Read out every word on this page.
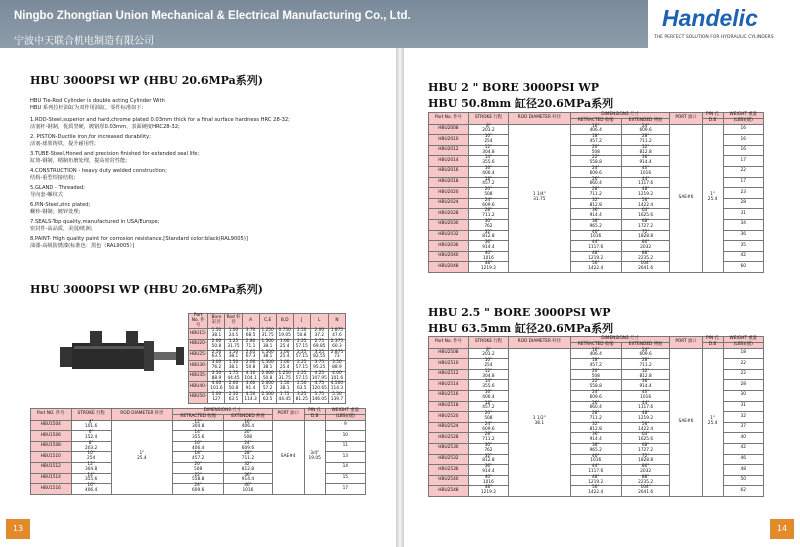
Ningbo Zhongtian Union Mechanical & Electrical Manufacturing Co., Ltd.
宁波中天联合机电制造有限公司
Handelic
THE PERFECT SOLUTION FOR HYDRAULIC CYLINDERS
HBU 3000PSI WP (HBU 20.6MPa系列)

HBU Tie-Rod Cylinder is double acting Cylinder With

HBU 系列拉杆油缸为双作用油缸，零件标准如下：

1.ROD-Steel,superior and hard,chrome plated 0.03mm thick for a final surface hardness HRC 28-32;

活塞杆-钢制，优质坚硬，镀铬厚0.03mm，表面硬度HRC28-32;

2. PISTON-Ductile iron,for increased durability;

活塞-球墨铸铁，提升耐用性;

3.TUBE-Steel,Honed and precision finished for extended seal life;

缸筒-钢制，精制珩磨处理，提高密封性能;

4.CONSTRUCTION - heavy duty welded construction;

结构-重型焊接结构;

5.GLAND - Threaded;

导向套-螺纹式

6.PIN-Steel,zinc plated;

螺栓-钢制；镀锌处理;

7.SEALS-Top quality,manufactured in USA/Europe;

密封件-高品质，美国/欧洲;

8.PAINT- High quality paint for corrosion resistance.[Standard color:black(RAL9005)]

油漆-高级防锈漆(标准色：黑色（RAL9005）]

HBU 3000PSI WP (HBU 20.6MPa系列)
Part No. 件号	Bore 缸径	Rod 杆径	A	C,E	B,D	J	L	N
HBU15-	1.50
38.1	1.00
24.5	3.70
68.5	1.250
31.75	0.750
19.05	2.50
50.8	2.00
37.2	1.875
47.6
HBU20-	2.00
50.8	1.25
31.75	2.80
71.1	1.500
38.1	1.00
25.4	2.25
57.15	2.75
69.85	2.375
60.3
HBU25-	2.50
63.5	1.50
38.1	2.65
67.3	1.500
38.1	1.00
25.4	2.25
57.15	3.25
82.55	2.875
73
HBU30-	3.00
76.2	1.50
38.1	2.00
50.8	1.500
38.1	1.00
25.4	2.25
57.15	3.75
95.25	3.50
88.9
HBU35-	3.50
88.9	1.75
44.45	4.10
104.1	2.000
50.8	1.250
31.75	2.25
57.15	4.25
107.95	4.00
101.6
HBU40-	4.00
101.6	2.00
50.8	3.60
91.4	2.000
57.2	1.50
38.1	2.50
63.5	4.75
120.65	4.500
114.3
HBU50-	5.00
127	2.50
63.5	4.50
114.3	2.500
63.5	1.75
44.45	3.25
81.25	5.75
146.05	5.50
139.7
Part NO. 件号	STROKE 行程	ROD DIAMETER 杆径	DIMENSIONS 尺寸		PORT 油口	PIN 孔	WEIGHT 重量
			RETRACTED 收缩	EXTENDED 伸展		D.B	(LBS)(磅)
HBU1504	4"
101.6	1"
25.4	12"
304.8	16"
406.4	SAE#4	3/4"
19.05	9
HBU1506	6"
152.4		14"
355.6	20"
508			10
HBU1508	8"
203.2		16"
406.4	24"
609.6			11
HBU1510	10"
254		18"
457.2	28"
711.2			13
HBU1512	12"
304.8		20"
508	32"
812.8			14
HBU1514	14"
355.6		22"
558.8	36"
914.4			15
HBU1516	16"
406.4		24"
609.6	40"
1016			17
HBU 2 " BORE 3000PSI WP
HBU 50.8mm 缸径20.6MPa系列
Part No. 件号	STROKE 行程	ROD DIAMETER 杆径	DIMENSIONS 尺寸		PORT 油口	PIN 孔	WEIGHT 重量
			RETRACTED 收缩	EXTENDED 伸展		D.B	(LBS)(磅)
HBU2008	8"
203.2	1 1/4"
31.75	16"
406.4	24"
609.6	SAE#6	1"
25.4	16
HBU2010	10"
254		18"
457.2	28"
711.2			16
HBU2012	12"
304.8		20"
508	32"
812.8			16
HBU2014	14"
355.6		22"
558.8	36"
914.4			17
HBU2016	16"
406.4		24"
609.6	40"
1016			22
HBU2018	18"
457.2		26"
660.4	44"
1117.6			17
HBU2020	20"
508		28"
711.2	48"
1219.2			23
HBU2024	24"
609.6		32"
812.8	56"
1422.4			28
HBU2028	28"
711.2		36"
914.4	64"
1625.6			31
HBU2030	30"
762		38"
965.2	68"
1727.2			34
HBU2032	32"
812.8		40"
1016	72"
1828.8			36
HBU2036	36"
914.4		44"
1117.6	80"
2032			35
HBU2040	40"
1016		48"
1219.2	88"
2235.2			42
HBU2048	48"
1219.2		56"
1422.4	104"
2641.6			60
HBU 2.5 " BORE 3000PSI WP
HBU 63.5mm 缸径20.6MPa系列
Part No. 件号	STROKE 行程	ROD DIAMETER 杆径	DIMENSIONS 尺寸		PORT 油口	PIN 孔	WEIGHT 重量
			RETRACTED 收缩	EXTENDED 伸展		D.B	(LBS)(磅)
HBU2508	8"
203.2	1 1/2"
38.1	16"
406.4	24"
609.6	SAE#6	1"
25.4	18
HBU2510	10"
254		18"
457.2	28"
711.2			22
HBU2512	12"
304.8		20"
508	32"
812.8			22
HBU2514	14"
355.6		22"
558.8	36"
914.4			28
HBU2516	16"
406.4		24"
609.6	40"
1016			30
HBU2518	18"
457.2		26"
660.4	44"
1117.6			31
HBU2520	20"
508		28"
711.2	48"
1219.2			32
HBU2524	24"
609.6		32"
812.8	56"
1422.4			37
HBU2528	28"
711.2		36"
914.4	64"
1625.6			40
HBU2530	30"
762		38"
965.2	68"
1727.2			42
HBU2532	32"
812.8		40"
1016	72"
1828.8			46
HBU2536	36"
914.4		44"
1117.6	80"
2032			48
HBU2540	40"
1016		48"
1219.2	88"
2235.2			50
HBU2548	48"
1219.2		56"
1422.4	104"
2641.6			62
13	14
